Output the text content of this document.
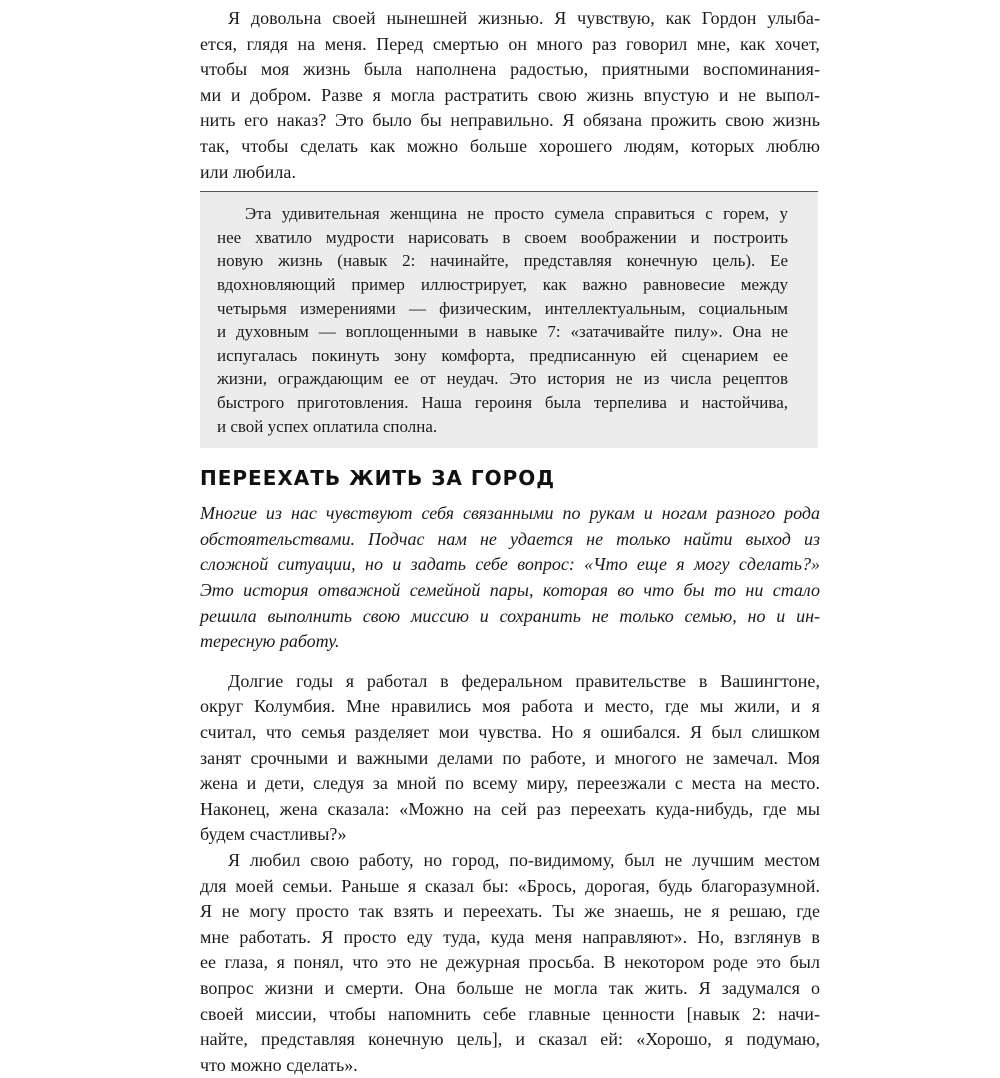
Я довольна своей нынешней жизнью. Я чувствую, как Гордон улыба-
ется, глядя на меня. Перед смертью он много раз говорил мне, как хочет,
чтобы моя жизнь была наполнена радостью, приятными воспоминания-
ми и добром. Разве я могла растратить свою жизнь впустую и не выпол-
нить его наказ? Это было бы неправильно. Я обязана прожить свою жизнь
так, чтобы сделать как можно больше хорошего людям, которых люблю
или любила.
Эта удивительная женщина не просто сумела справиться с горем, у
нее хватило мудрости нарисовать в своем воображении и построить
новую жизнь (навык 2: начинайте, представляя конечную цель). Ее
вдохновляющий пример иллюстрирует, как важно равновесие между
четырьмя измерениями — физическим, интеллектуальным, социальным
и духовным — воплощенными в навыке 7: «затачивайте пилу». Она не
испугалась покинуть зону комфорта, предписанную ей сценарием ее
жизни, ограждающим ее от неудач. Это история не из числа рецептов
быстрого приготовления. Наша героиня была терпелива и настойчива,
и свой успех оплатила сполна.
ПЕРЕЕХАТЬ ЖИТЬ ЗА ГОРОД
Многие из нас чувствуют себя связанными по рукам и ногам разного рода
обстоятельствами. Подчас нам не удается не только найти выход из
сложной ситуации, но и задать себе вопрос: «Что еще я могу сделать?»
Это история отважной семейной пары, которая во что бы то ни стало
решила выполнить свою миссию и сохранить не только семью, но и ин-
тересную работу.
Долгие годы я работал в федеральном правительстве в Вашингтоне,
округ Колумбия. Мне нравились моя работа и место, где мы жили, и я
считал, что семья разделяет мои чувства. Но я ошибался. Я был слишком
занят срочными и важными делами по работе, и многого не замечал. Моя
жена и дети, следуя за мной по всему миру, переезжали с места на место.
Наконец, жена сказала: «Можно на сей раз переехать куда-нибудь, где мы
будем счастливы?»
Я любил свою работу, но город, по-видимому, был не лучшим местом
для моей семьи. Раньше я сказал бы: «Брось, дорогая, будь благоразумной.
Я не могу просто так взять и переехать. Ты же знаешь, не я решаю, где
мне работать. Я просто еду туда, куда меня направляют». Но, взглянув в
ее глаза, я понял, что это не дежурная просьба. В некотором роде это был
вопрос жизни и смерти. Она больше не могла так жить. Я задумался о
своей миссии, чтобы напомнить себе главные ценности [навык 2: начи-
найте, представляя конечную цель], и сказал ей: «Хорошо, я подумаю,
что можно сделать».
